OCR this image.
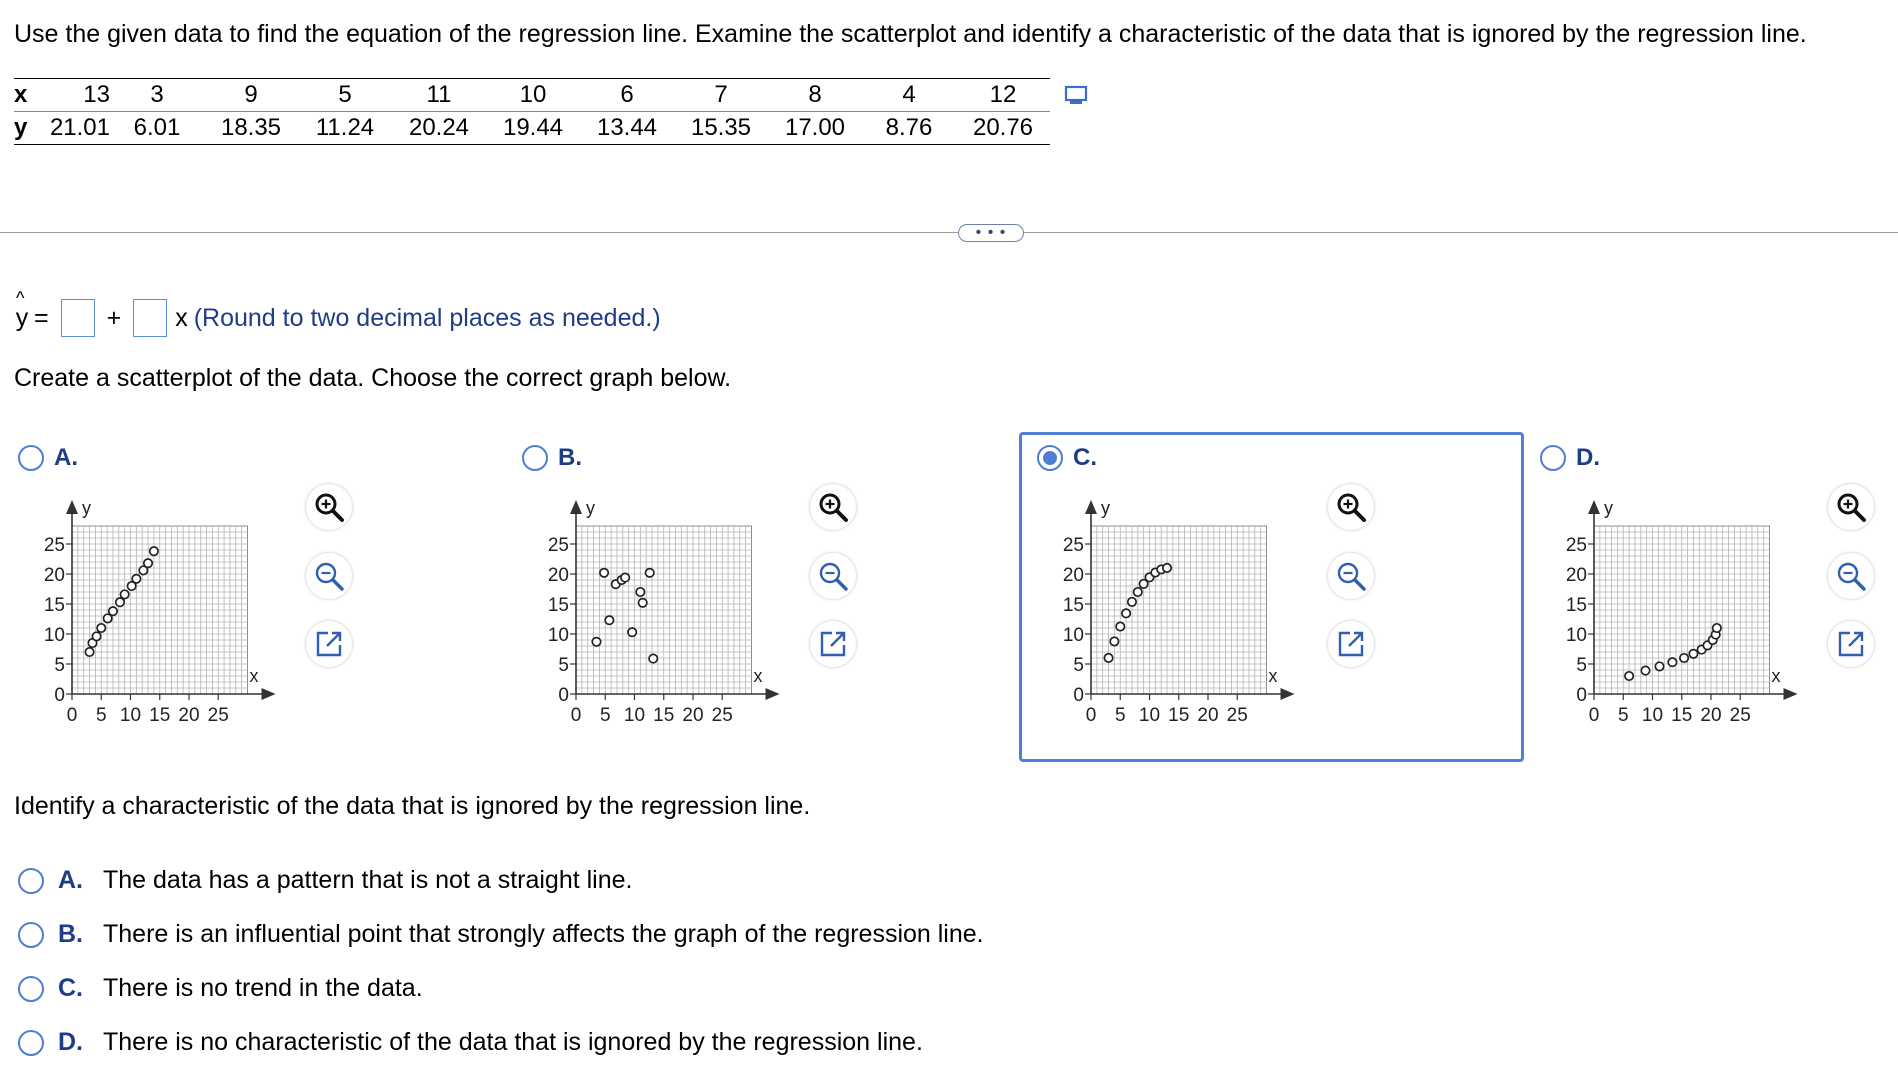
Use the given data to find the equation of the regression line. Examine the scatterplot and identify a characteristic of the data that is ignored by the regression line.
x	13	3	9	5	11	10	6	7	8	4	12
y	21.01	6.01	18.35	11.24	20.24	19.44	13.44	15.35	17.00	8.76	20.76
• • •
^
y = + x (Round to two decimal places as needed.)
Create a scatterplot of the data. Choose the correct graph below.
A.
0 5 10 15 20 25
0
5
10
15
20
25
x
y
B.
0 5 10 15 20 25
0
5
10
15
20
25
x
y
C.
0 5 10 15 20 25
0
5
10
15
20
25
x
y
D.
0 5 10 15 20 25
0
5
10
15
20
25
x
y
Identify a characteristic of the data that is ignored by the regression line.
A. The data has a pattern that is not a straight line.
B. There is an influential point that strongly affects the graph of the regression line.
C. There is no trend in the data.
D. There is no characteristic of the data that is ignored by the regression line.
